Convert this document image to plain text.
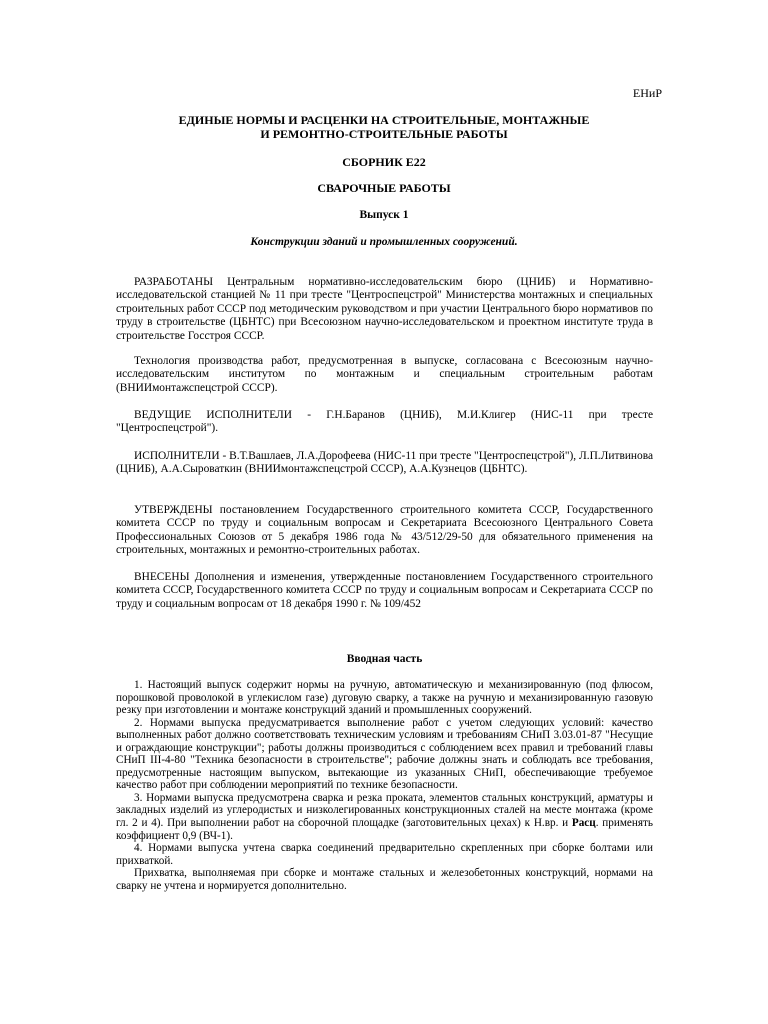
ЕНиР
ЕДИНЫЕ НОРМЫ И РАСЦЕНКИ НА СТРОИТЕЛЬНЫЕ, МОНТАЖНЫЕ
И РЕМОНТНО-СТРОИТЕЛЬНЫЕ РАБОТЫ
СБОРНИК Е22
СВАРОЧНЫЕ РАБОТЫ
Выпуск 1
Конструкции зданий и промышленных сооружений.
РАЗРАБОТАНЫ Центральным нормативно-исследовательским бюро (ЦНИБ) и Нормативно-исследовательской станцией № 11 при тресте "Центроспецстрой" Министерства монтажных и специальных строительных работ СССР под методическим руководством и при участии Центрального бюро нормативов по труду в строительстве (ЦБНТС) при Всесоюзном научно-исследовательском и проектном институте труда в строительстве Госстроя СССР.
Технология производства работ, предусмотренная в выпуске, согласована с Всесоюзным научно-исследовательским институтом по монтажным и специальным строительным работам (ВНИИмонтажспецстрой СССР).
ВЕДУЩИЕ ИСПОЛНИТЕЛИ - Г.Н.Баранов (ЦНИБ), М.И.Клигер (НИС-11 при тресте "Центроспецстрой").
ИСПОЛНИТЕЛИ - В.Т.Вашлаев, Л.А.Дорофеева (НИС-11 при тресте "Центроспецстрой"), Л.П.Литвинова (ЦНИБ), А.А.Сыроваткин (ВНИИмонтажспецстрой СССР), А.А.Кузнецов (ЦБНТС).
УТВЕРЖДЕНЫ постановлением Государственного строительного комитета СССР, Государственного комитета СССР по труду и социальным вопросам и Секретариата Всесоюзного Центрального Совета Профессиональных Союзов от 5 декабря 1986 года № 43/512/29-50 для обязательного применения на строительных, монтажных и ремонтно-строительных работах.
ВНЕСЕНЫ Дополнения и изменения, утвержденные постановлением Государственного строительного комитета СССР, Государственного комитета СССР по труду и социальным вопросам и Секретариата СССР по труду и социальным вопросам от 18 декабря 1990 г. № 109/452
Вводная часть

1. Настоящий выпуск содержит нормы на ручную, автоматическую и механизированную (под флюсом, порошковой проволокой в углекислом газе) дуговую сварку, а также на ручную и механизированную газовую резку при изготовлении и монтаже конструкций зданий и промышленных сооружений.

2. Нормами выпуска предусматривается выполнение работ с учетом следующих условий: качество выполненных работ должно соответствовать техническим условиям и требованиям СНиП 3.03.01-87 "Несущие и ограждающие конструкции"; работы должны производиться с соблюдением всех правил и требований главы СНиП III-4-80 "Техника безопасности в строительстве"; рабочие должны знать и соблюдать все требования, предусмотренные настоящим выпуском, вытекающие из указанных СНиП, обеспечивающие требуемое качество работ при соблюдении мероприятий по технике безопасности.

3. Нормами выпуска предусмотрена сварка и резка проката, элементов стальных конструкций, арматуры и закладных изделий из углеродистых и низколегированных конструкционных сталей на месте монтажа (кроме гл. 2 и 4). При выполнении работ на сборочной площадке (заготовительных цехах) к Н.вр. и Расц. применять коэффициент 0,9 (ВЧ-1).

4. Нормами выпуска учтена сварка соединений предварительно скрепленных при сборке болтами или прихваткой.

Прихватка, выполняемая при сборке и монтаже стальных и железобетонных конструкций, нормами на сварку не учтена и нормируется дополнительно.
